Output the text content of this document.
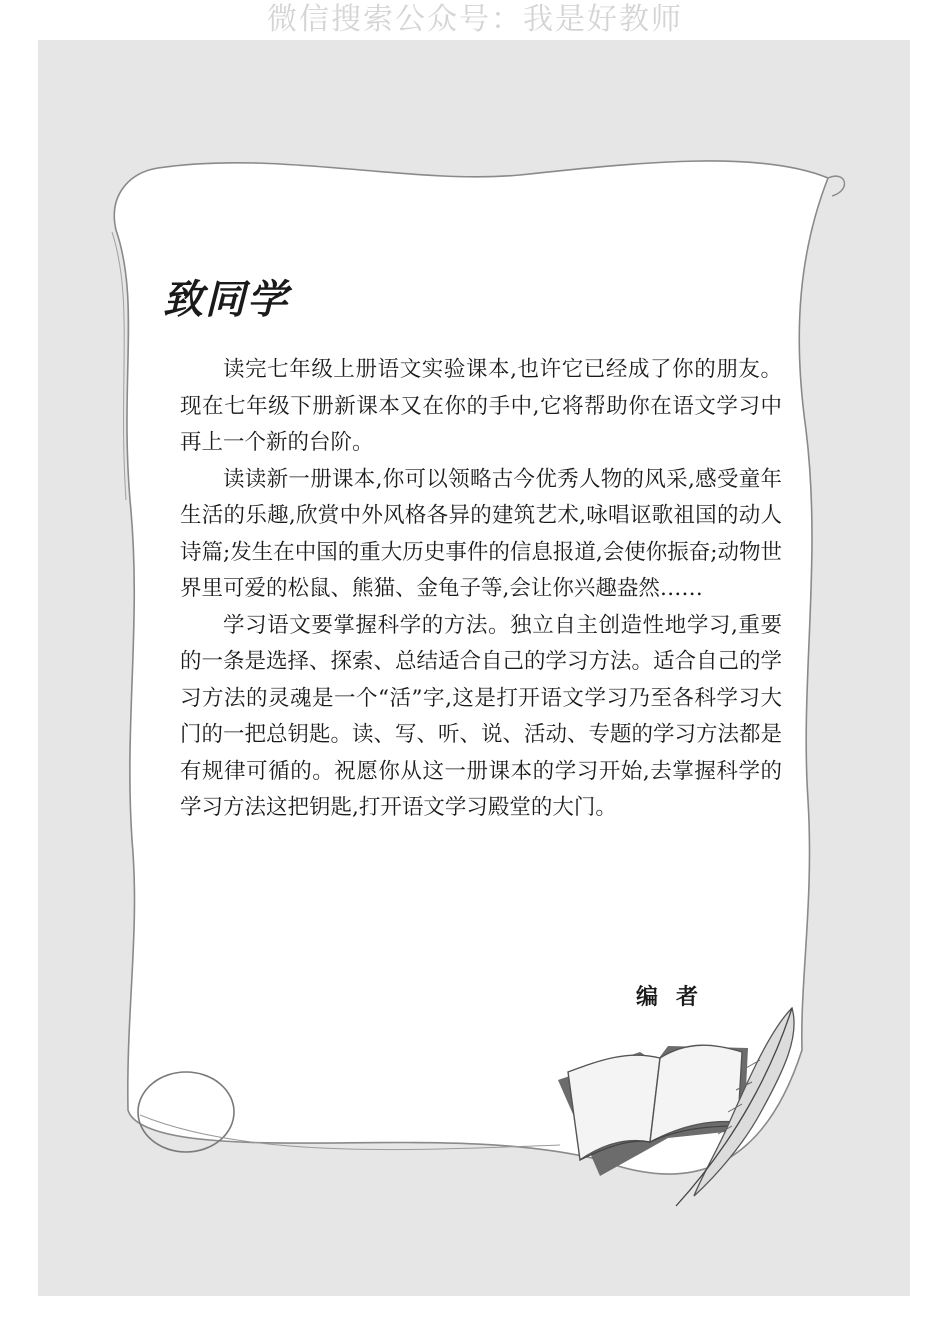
微信搜索公众号：我是好教师
致同学

读完七年级上册语文实验课本,也许它已经成了你的朋友。现在七年级下册新课本又在你的手中,它将帮助你在语文学习中再上一个新的台阶。

读读新一册课本,你可以领略古今优秀人物的风采,感受童年生活的乐趣,欣赏中外风格各异的建筑艺术,咏唱讴歌祖国的动人诗篇;发生在中国的重大历史事件的信息报道,会使你振奋;动物世界里可爱的松鼠、熊猫、金龟子等,会让你兴趣盎然……

学习语文要掌握科学的方法。独立自主创造性地学习,重要的一条是选择、探索、总结适合自己的学习方法。适合自己的学习方法的灵魂是一个“活”字,这是打开语文学习乃至各科学习大门的一把总钥匙。读、写、听、说、活动、专题的学习方法都是有规律可循的。祝愿你从这一册课本的学习开始,去掌握科学的学习方法这把钥匙,打开语文学习殿堂的大门。

编者
